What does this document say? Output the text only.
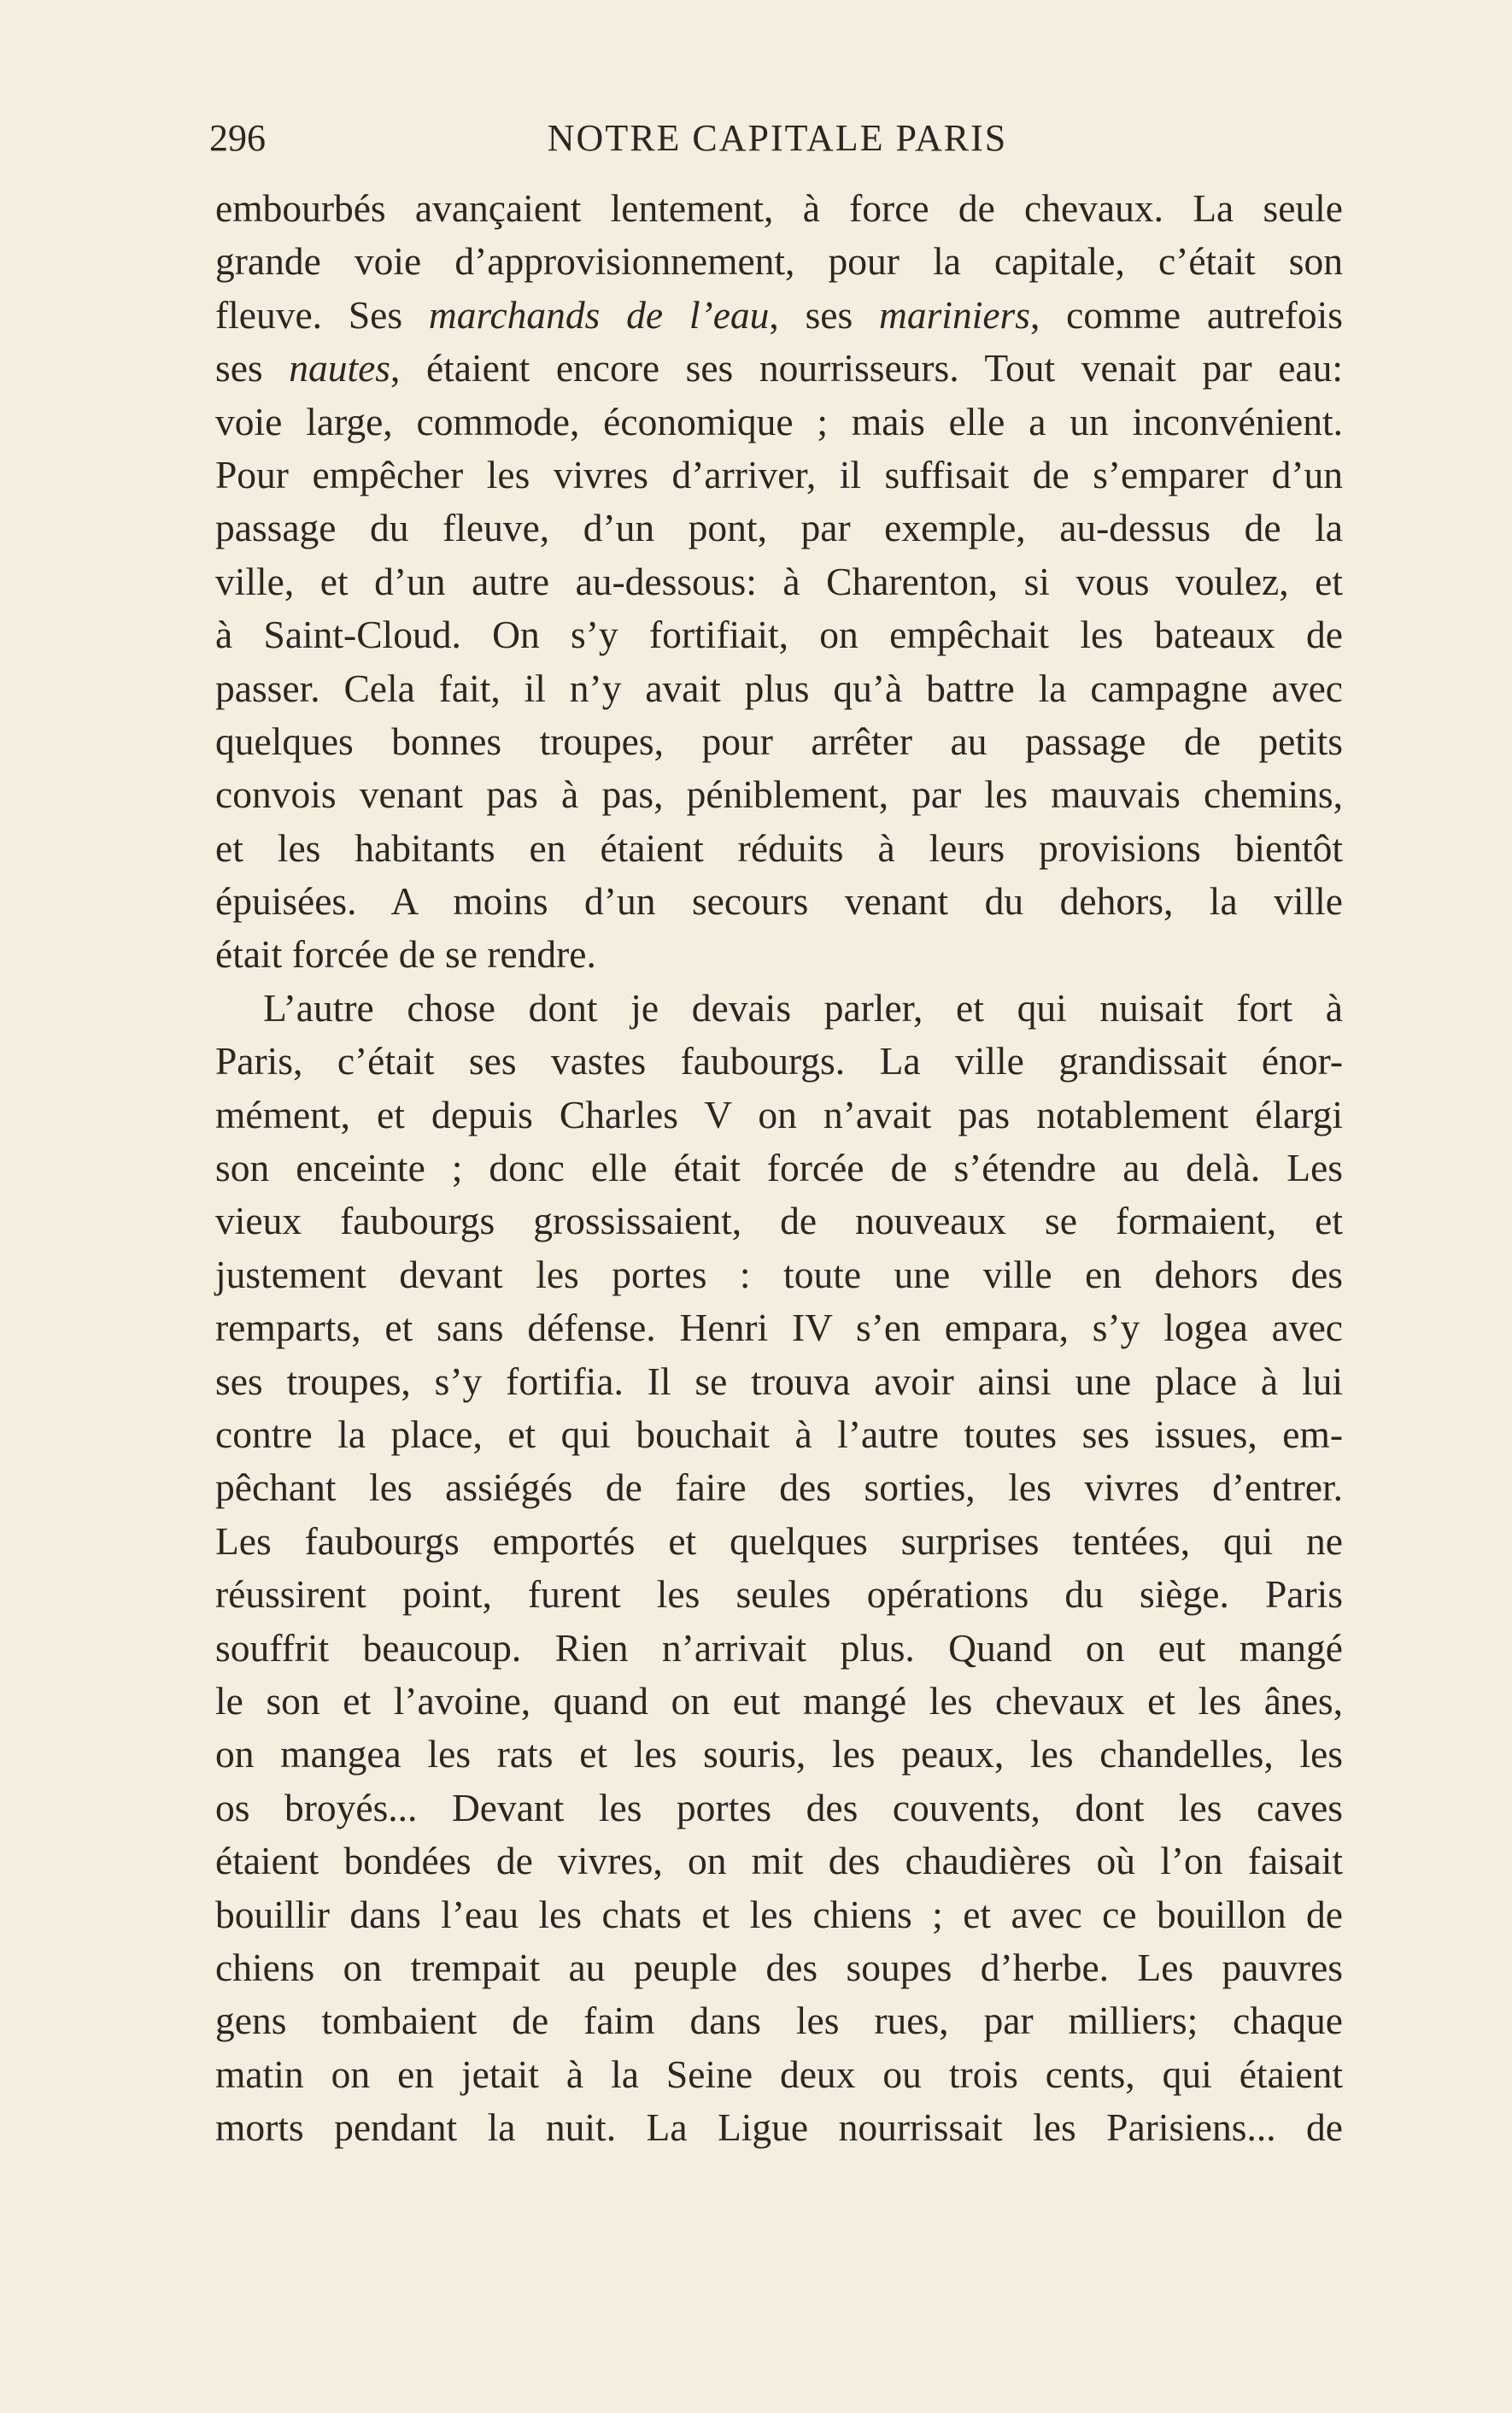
296	NOTRE CAPITALE PARIS
embourbés avançaient lentement, à force de chevaux. La seule
grande voie d’approvisionnement, pour la capitale, c’était son
fleuve. Ses marchands de l’eau, ses mariniers, comme autrefois
ses nautes, étaient encore ses nourrisseurs. Tout venait par eau:
voie large, commode, économique ; mais elle a un inconvénient.
Pour empêcher les vivres d’arriver, il suffisait de s’emparer d’un
passage du fleuve, d’un pont, par exemple, au-dessus de la
ville, et d’un autre au-dessous: à Charenton, si vous voulez, et
à Saint-Cloud. On s’y fortifiait, on empêchait les bateaux de
passer. Cela fait, il n’y avait plus qu’à battre la campagne avec
quelques bonnes troupes, pour arrêter au passage de petits
convois venant pas à pas, péniblement, par les mauvais chemins,
et les habitants en étaient réduits à leurs provisions bientôt
épuisées. A moins d’un secours venant du dehors, la ville
était forcée de se rendre.
L’autre chose dont je devais parler, et qui nuisait fort à
Paris, c’était ses vastes faubourgs. La ville grandissait énor-
mément, et depuis Charles V on n’avait pas notablement élargi
son enceinte ; donc elle était forcée de s’étendre au delà. Les
vieux faubourgs grossissaient, de nouveaux se formaient, et
justement devant les portes : toute une ville en dehors des
remparts, et sans défense. Henri IV s’en empara, s’y logea avec
ses troupes, s’y fortifia. Il se trouva avoir ainsi une place à lui
contre la place, et qui bouchait à l’autre toutes ses issues, em-
pêchant les assiégés de faire des sorties, les vivres d’entrer.
Les faubourgs emportés et quelques surprises tentées, qui ne
réussirent point, furent les seules opérations du siège. Paris
souffrit beaucoup. Rien n’arrivait plus. Quand on eut mangé
le son et l’avoine, quand on eut mangé les chevaux et les ânes,
on mangea les rats et les souris, les peaux, les chandelles, les
os broyés... Devant les portes des couvents, dont les caves
étaient bondées de vivres, on mit des chaudières où l’on faisait
bouillir dans l’eau les chats et les chiens ; et avec ce bouillon de
chiens on trempait au peuple des soupes d’herbe. Les pauvres
gens tombaient de faim dans les rues, par milliers; chaque
matin on en jetait à la Seine deux ou trois cents, qui étaient
morts pendant la nuit. La Ligue nourrissait les Parisiens... de
